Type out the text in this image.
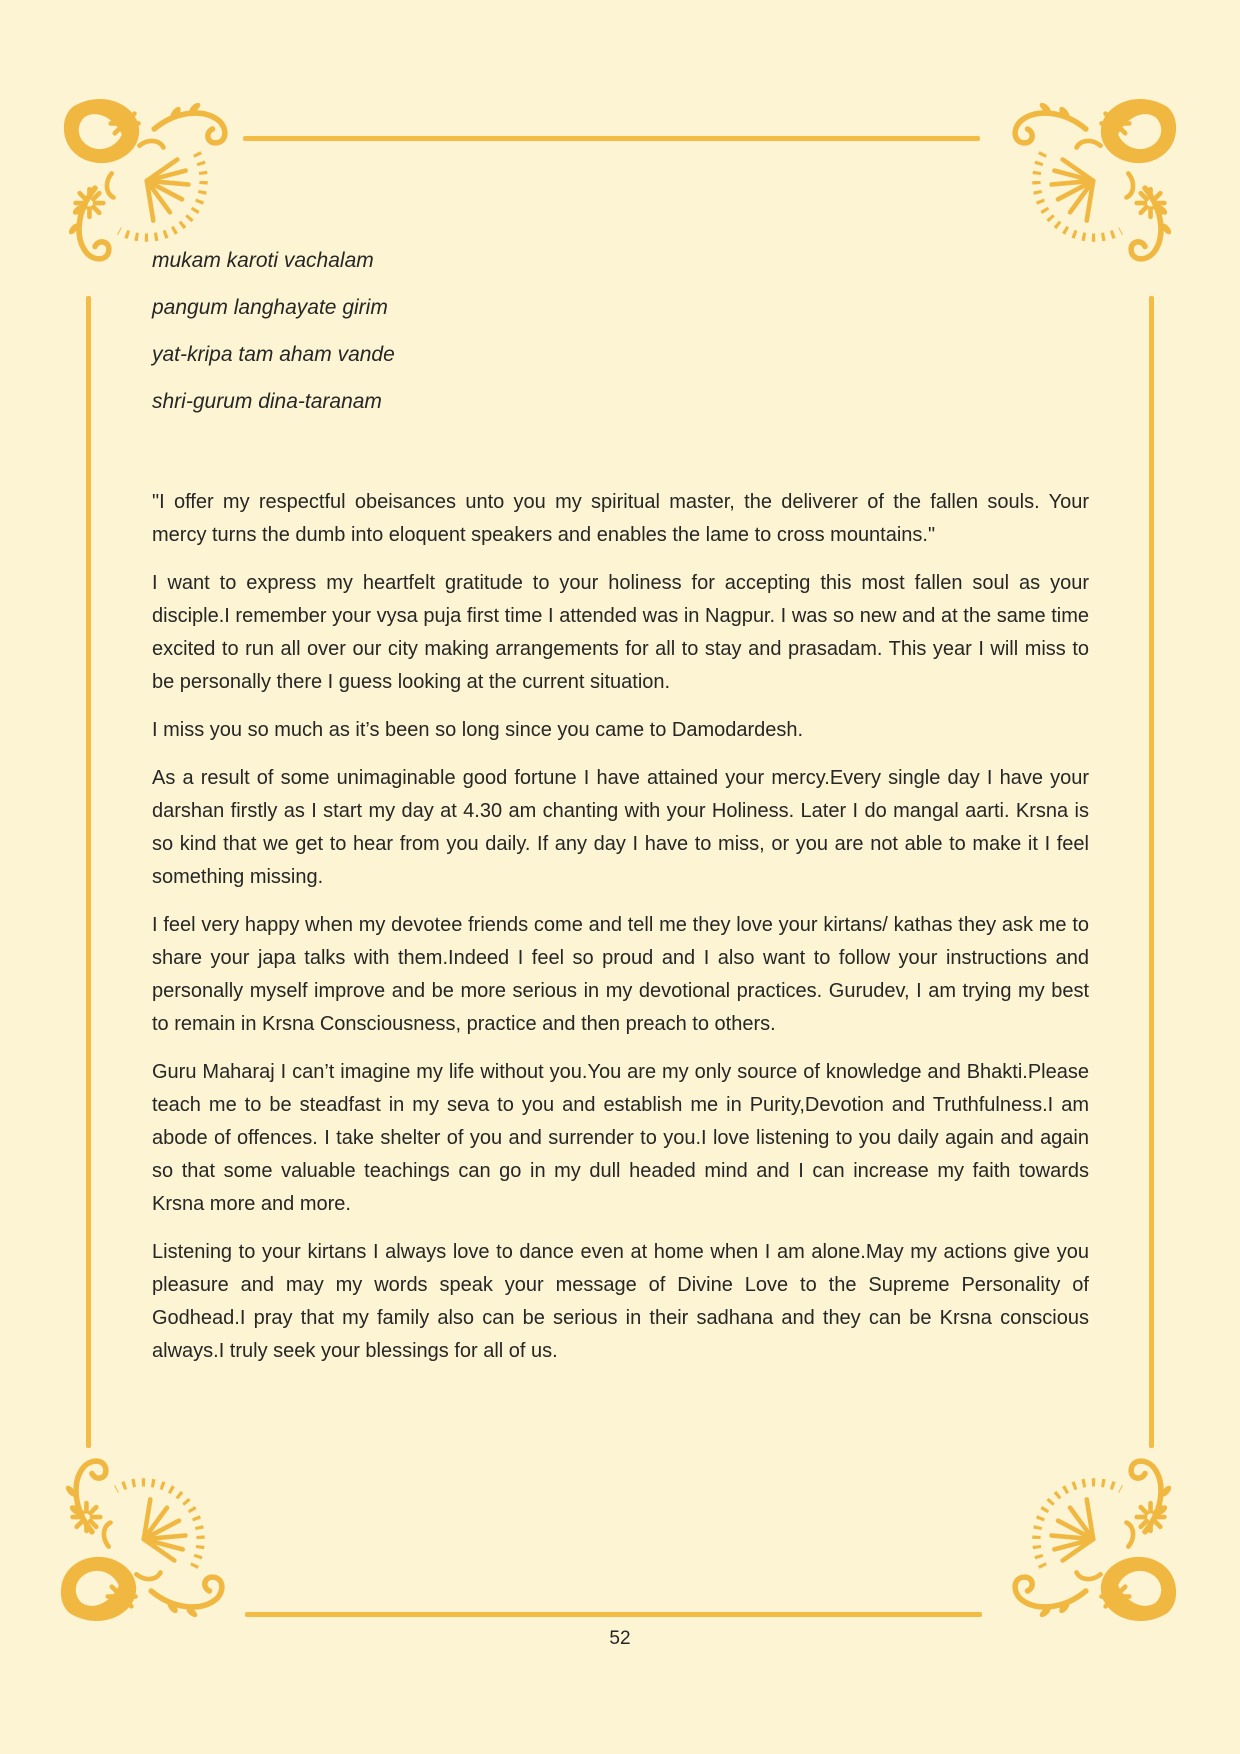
mukam karoti vachalam

pangum langhayate girim

yat-kripa tam aham vande

shri-gurum dina-taranam

"I offer my respectful obeisances unto you my spiritual master, the deliverer of the fallen souls. Your mercy turns the dumb into eloquent speakers and enables the lame to cross mountains."

I want to express my heartfelt gratitude to your holiness for accepting this most fallen soul as your disciple.I remember your vysa puja first time I attended was in Nagpur. I was so new and at the same time excited to run all over our city making arrangements for all to stay and prasadam. This year I will miss to be personally there I guess looking at the current situation.

I miss you so much as it’s been so long since you came to Damodardesh.

As a result of some unimaginable good fortune I have attained your mercy.Every single day I have your darshan firstly as I start my day at 4.30 am chanting with your Holiness. Later I do mangal aarti. Krsna is so kind that we get to hear from you daily. If any day I have to miss, or you are not able to make it I feel something missing.

I feel very happy when my devotee friends come and tell me they love your kirtans/ kathas they ask me to share your japa talks with them.Indeed I feel so proud and I also want to follow your instructions and personally myself improve and be more serious in my devotional practices. Gurudev, I am trying my best to remain in Krsna Consciousness, practice and then preach to others.

Guru Maharaj I can’t imagine my life without you.You are my only source of knowledge and Bhakti.Please teach me to be steadfast in my seva to you and establish me in Purity,Devotion and Truthfulness.I am abode of offences. I take shelter of you and surrender to you.I love listening to you daily again and again so that some valuable teachings can go in my dull headed mind and I can increase my faith towards Krsna more and more.

Listening to your kirtans I always love to dance even at home when I am alone.May my actions give you pleasure and may my words speak your message of Divine Love to the Supreme Personality of Godhead.I pray that my family also can be serious in their sadhana and they can be Krsna conscious always.I truly seek your blessings for all of us.

52
